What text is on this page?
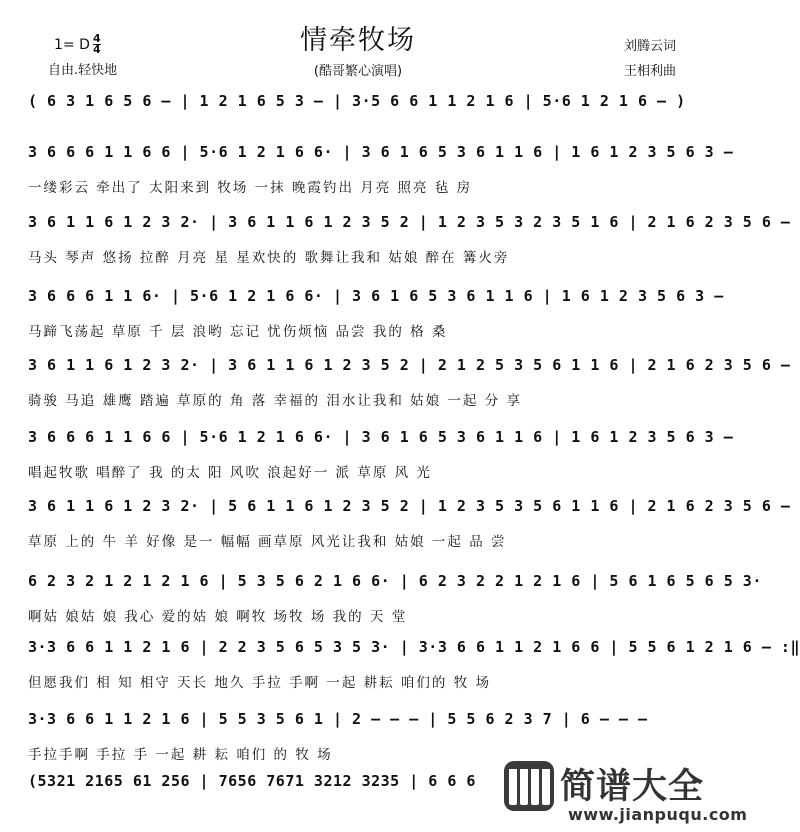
情牵牧场
(酷哥繁心演唱)
1= D $\frac{4}{4}$
自由.轻快地
刘腾云词
王相利曲
( 6 3 1 6 5 6 – | 1 2 1 6 5 3 – | 3·5 6 6 1 1 2 1 6 | 5·6 1 2 1 6 – )
3 6 6 6 1 1 6 6 | 5·6 1 2 1 6 6· | 3 6 1 6 5 3 6 1 1 6 | 1 6 1 2 3 5 6 3 –
一缕彩云 牵出了 太阳来到 牧场 一抹 晚霞钓出 月亮 照亮 毡 房
3 6 1 1 6 1 2 3 2· | 3 6 1 1 6 1 2 3 5 2 | 1 2 3 5 3 2 3 5 1 6 | 2 1 6 2 3 5 6 –
马头 琴声 悠扬 拉醉 月亮 星 星欢快的 歌舞让我和 姑娘 醉在 篝火旁
3 6 6 6 1 1 6· | 5·6 1 2 1 6 6· | 3 6 1 6 5 3 6 1 1 6 | 1 6 1 2 3 5 6 3 –
马蹄飞荡起 草原 千 层 浪哟 忘记 忧伤烦恼 品尝 我的 格 桑
3 6 1 1 6 1 2 3 2· | 3 6 1 1 6 1 2 3 5 2 | 2 1 2 5 3 5 6 1 1 6 | 2 1 6 2 3 5 6 –
骑骏 马追 雄鹰 踏遍 草原的 角 落 幸福的 泪水让我和 姑娘 一起 分 享
3 6 6 6 1 1 6 6 | 5·6 1 2 1 6 6· | 3 6 1 6 5 3 6 1 1 6 | 1 6 1 2 3 5 6 3 –
唱起牧歌 唱醉了 我 的太 阳 风吹 浪起好一 派 草原 风 光
3 6 1 1 6 1 2 3 2· | 5 6 1 1 6 1 2 3 5 2 | 1 2 3 5 3 5 6 1 1 6 | 2 1 6 2 3 5 6 –
草原 上的 牛 羊 好像 是一 幅幅 画草原 风光让我和 姑娘 一起 品 尝
6 2 3 2 1 2 1 2 1 6 | 5 3 5 6 2 1 6 6· | 6 2 3 2 2 1 2 1 6 | 5 6 1 6 5 6 5 3·
啊姑 娘姑 娘 我心 爱的姑 娘 啊牧 场牧 场 我的 天 堂
3·3 6 6 1 1 2 1 6 | 2 2 3 5 6 5 3 5 3· | 3·3 6 6 1 1 2 1 6 6 | 5 5 6 1 2 1 6 – :‖
但愿我们 相 知 相守 天长 地久 手拉 手啊 一起 耕耘 咱们的 牧 场
3·3 6 6 1 1 2 1 6 | 5 5 3 5 6 1 | 2 – – – | 5 5 6 2 3 7 | 6 – – –
手拉手啊 手拉 手 一起 耕 耘 咱们 的 牧 场
(5321 2165 61 256 | 7656 7671 3212 3235 | 6 6 6	简谱大全
www.jianpuqu.com
